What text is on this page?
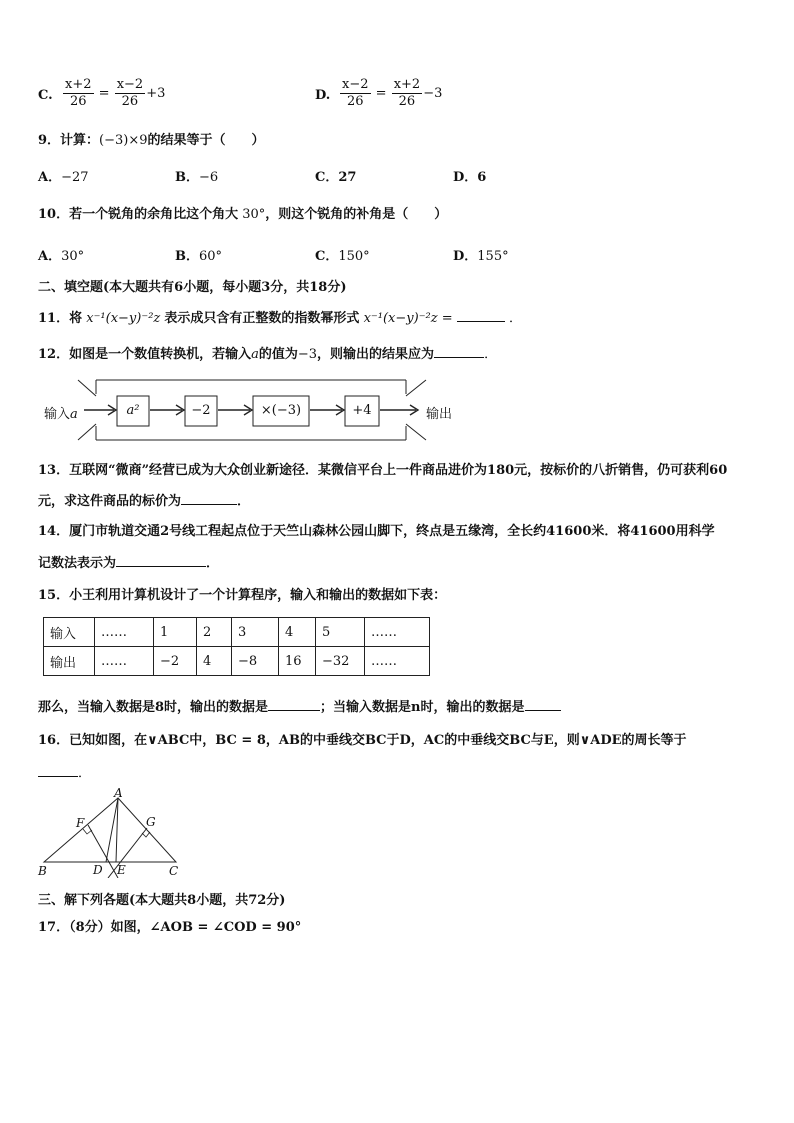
C. $\frac{x+2}{26} = \frac{x-2}{26} +3$	D. $\frac{x-2}{26} = \frac{x+2}{26} -3$
9．计算：(−3)×9的结果等于（　　）
A．−27	B．−6	C．27	D．6
10．若一个锐角的余角比这个角大 30°，则这个锐角的补角是（　　）
A．30°	B．60°	C．150°	D．155°
二、填空题(本大题共有6小题，每小题3分，共18分)
11．将 x⁻¹(x−y)⁻²z 表示成只含有正整数的指数幂形式 x⁻¹(x−y)⁻²z =	．
12．如图是一个数值转换机，若输入a的值为−3，则输出的结果应为	．
输入a	a²	−2	×(−3)	+4	输出
13．互联网“微商”经营已成为大众创业新途径．某微信平台上一件商品进价为180元，按标价的八折销售，仍可获利60
元，求这件商品的标价为	．
14．厦门市轨道交通2号线工程起点位于天竺山森林公园山脚下，终点是五缘湾，全长约41600米．将41600用科学
记数法表示为	．
15．小王利用计算机设计了一个计算程序，输入和输出的数据如下表：
输入	……	1	2	3	4	5	……
输出	……	−2	4	−8	16	−32	……
那么，当输入数据是8时，输出的数据是	；当输入数据是n时，输出的数据是
16．已知如图，在∨ABC中，BC = 8，AB的中垂线交BC于D，AC的中垂线交BC与E，则∨ADE的周长等于
．
A
F	G
B	D E	C
三、解下列各题(本大题共8小题，共72分)
17．（8分）如图，∠AOB = ∠COD = 90°
